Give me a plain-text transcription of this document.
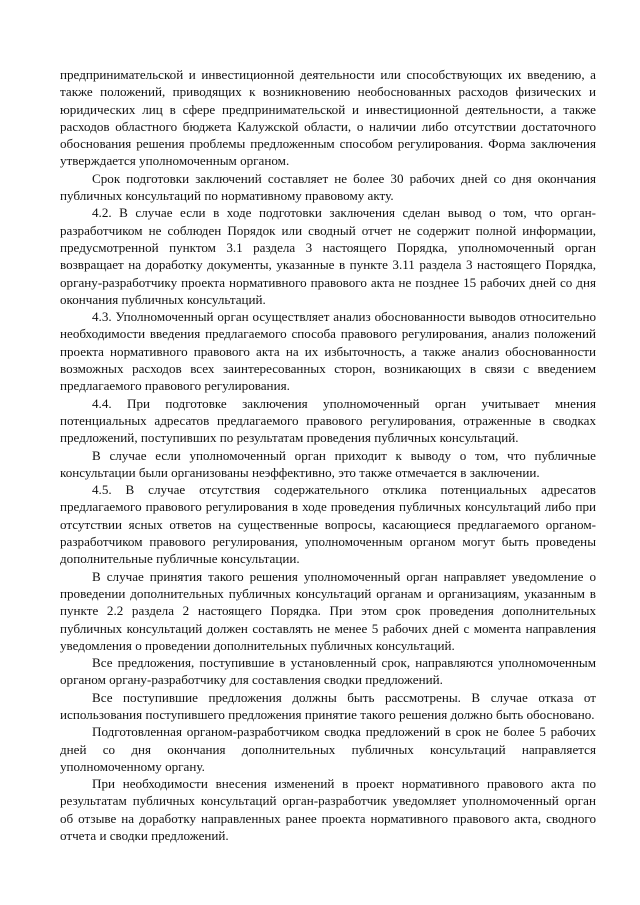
предпринимательской и инвестиционной деятельности или способствующих их введению, а также положений, приводящих к возникновению необоснованных расходов физических и юридических лиц в сфере предпринимательской и инвестиционной деятельности, а также расходов областного бюджета Калужской области, о наличии либо отсутствии достаточного обоснования решения проблемы предложенным способом регулирования. Форма заключения утверждается уполномоченным органом.

Срок подготовки заключений составляет не более 30 рабочих дней со дня окончания публичных консультаций по нормативному правовому акту.

4.2. В случае если в ходе подготовки заключения сделан вывод о том, что орган-разработчиком не соблюден Порядок или сводный отчет не содержит полной информации, предусмотренной пунктом 3.1 раздела 3 настоящего Порядка, уполномоченный орган возвращает на доработку документы, указанные в пункте 3.11 раздела 3 настоящего Порядка, органу-разработчику проекта нормативного правового акта не позднее 15 рабочих дней со дня окончания публичных консультаций.

4.3. Уполномоченный орган осуществляет анализ обоснованности выводов относительно необходимости введения предлагаемого способа правового регулирования, анализ положений проекта нормативного правового акта на их избыточность, а также анализ обоснованности возможных расходов всех заинтересованных сторон, возникающих в связи с введением предлагаемого правового регулирования.

4.4. При подготовке заключения уполномоченный орган учитывает мнения потенциальных адресатов предлагаемого правового регулирования, отраженные в сводках предложений, поступивших по результатам проведения публичных консультаций.

В случае если уполномоченный орган приходит к выводу о том, что публичные консультации были организованы неэффективно, это также отмечается в заключении.

4.5. В случае отсутствия содержательного отклика потенциальных адресатов предлагаемого правового регулирования в ходе проведения публичных консультаций либо при отсутствии ясных ответов на существенные вопросы, касающиеся предлагаемого органом-разработчиком правового регулирования, уполномоченным органом могут быть проведены дополнительные публичные консультации.

В случае принятия такого решения уполномоченный орган направляет уведомление о проведении дополнительных публичных консультаций органам и организациям, указанным в пункте 2.2 раздела 2 настоящего Порядка. При этом срок проведения дополнительных публичных консультаций должен составлять не менее 5 рабочих дней с момента направления уведомления о проведении дополнительных публичных консультаций.

Все предложения, поступившие в установленный срок, направляются уполномоченным органом органу-разработчику для составления сводки предложений.

Все поступившие предложения должны быть рассмотрены. В случае отказа от использования поступившего предложения принятие такого решения должно быть обосновано.

Подготовленная органом-разработчиком сводка предложений в срок не более 5 рабочих дней со дня окончания дополнительных публичных консультаций направляется уполномоченному органу.

При необходимости внесения изменений в проект нормативного правового акта по результатам публичных консультаций орган-разработчик уведомляет уполномоченный орган об отзыве на доработку направленных ранее проекта нормативного правового акта, сводного отчета и сводки предложений.
